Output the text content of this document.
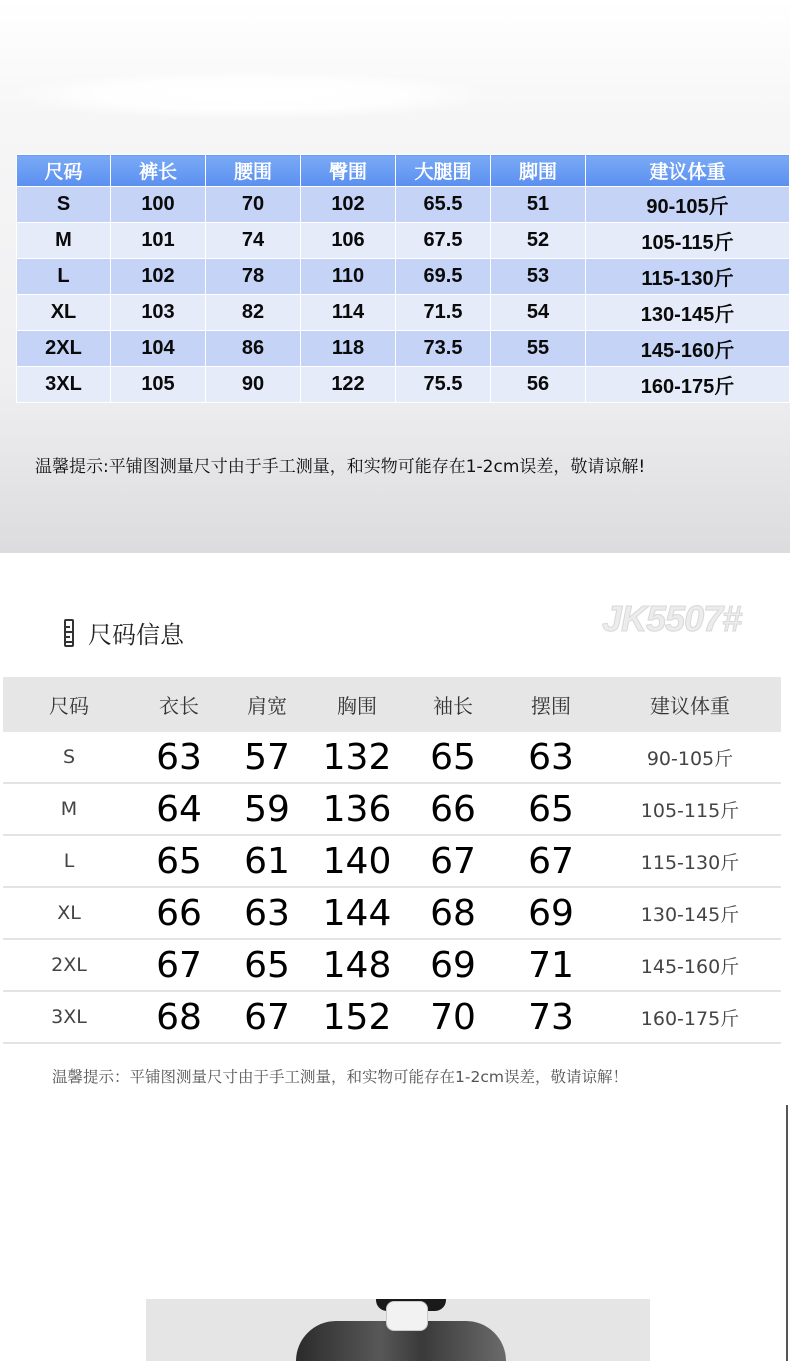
尺码	裤长	腰围	臀围	大腿围	脚围	建议体重
S	100	70	102	65.5	51	90-105斤
M	101	74	106	67.5	52	105-115斤
L	102	78	110	69.5	53	115-130斤
XL	103	82	114	71.5	54	130-145斤
2XL	104	86	118	73.5	55	145-160斤
3XL	105	90	122	75.5	56	160-175斤
温馨提示:平铺图测量尺寸由于手工测量，和实物可能存在1-2cm误差，敬请谅解!
尺码信息	JK5507#
尺码	衣长	肩宽	胸围	袖长	摆围	建议体重
S	63	57	132	65	63	90-105斤
M	64	59	136	66	65	105-115斤
L	65	61	140	67	67	115-130斤
XL	66	63	144	68	69	130-145斤
2XL	67	65	148	69	71	145-160斤
3XL	68	67	152	70	73	160-175斤
温馨提示：平铺图测量尺寸由于手工测量，和实物可能存在1-2cm误差，敬请谅解！
